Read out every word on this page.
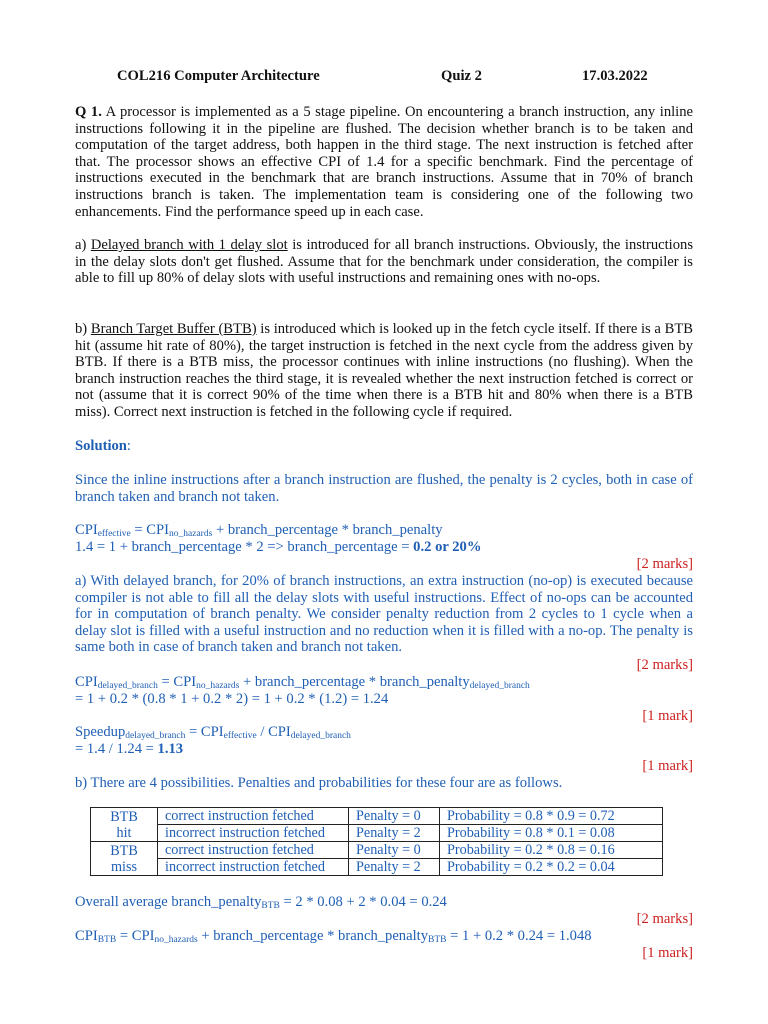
COL216 Computer Architecture	Quiz 2	17.03.2022
Q 1. A processor is implemented as a 5 stage pipeline. On encountering a branch instruction, any inline instructions following it in the pipeline are flushed. The decision whether branch is to be taken and computation of the target address, both happen in the third stage. The next instruction is fetched after that. The processor shows an effective CPI of 1.4 for a specific benchmark. Find the percentage of instructions executed in the benchmark that are branch instructions. Assume that in 70% of branch instructions branch is taken. The implementation team is considering one of the following two enhancements. Find the performance speed up in each case.
a) Delayed branch with 1 delay slot is introduced for all branch instructions. Obviously, the instructions in the delay slots don't get flushed. Assume that for the benchmark under consideration, the compiler is able to fill up 80% of delay slots with useful instructions and remaining ones with no-ops.
b) Branch Target Buffer (BTB) is introduced which is looked up in the fetch cycle itself. If there is a BTB hit (assume hit rate of 80%), the target instruction is fetched in the next cycle from the address given by BTB. If there is a BTB miss, the processor continues with inline instructions (no flushing). When the branch instruction reaches the third stage, it is revealed whether the next instruction fetched is correct or not (assume that it is correct 90% of the time when there is a BTB hit and 80% when there is a BTB miss). Correct next instruction is fetched in the following cycle if required.
Solution:
Since the inline instructions after a branch instruction are flushed, the penalty is 2 cycles, both in case of branch taken and branch not taken.
$CPI_{effective} = CPI_{no\_hazards}$ + branch_percentage * branch_penalty
1.4 = 1 + branch_percentage * 2 => branch_percentage = 0.2 or 20%
[2 marks]
a) With delayed branch, for 20% of branch instructions, an extra instruction (no-op) is executed because compiler is not able to fill all the delay slots with useful instructions. Effect of no-ops can be accounted for in computation of branch penalty. We consider penalty reduction from 2 cycles to 1 cycle when a delay slot is filled with a useful instruction and no reduction when it is filled with a no-op. The penalty is same both in case of branch taken and branch not taken.
[2 marks]
$CPI_{delayed\_branch} = CPI_{no\_hazards}$ + branch_percentage * branch_penalty$_{delayed\_branch}$
= 1 + 0.2 * (0.8 * 1 + 0.2 * 2) = 1 + 0.2 * (1.2) = 1.24
[1 mark]
Speedup$_{delayed\_branch}$ = $CPI_{effective} / CPI_{delayed\_branch}$
= 1.4 / 1.24 = 1.13
[1 mark]
b) There are 4 possibilities. Penalties and probabilities for these four are as follows.
BTB
hit	correct instruction fetched	Penalty = 0	Probability = 0.8 * 0.9 = 0.72
	incorrect instruction fetched	Penalty = 2	Probability = 0.8 * 0.1 = 0.08
BTB
miss	correct instruction fetched	Penalty = 0	Probability = 0.2 * 0.8 = 0.16
	incorrect instruction fetched	Penalty = 2	Probability = 0.2 * 0.2 = 0.04
Overall average branch_penalty$_{BTB}$ = 2 * 0.08 + 2 * 0.04 = 0.24
[2 marks]
$CPI_{BTB} = CPI_{no\_hazards}$ + branch_percentage * branch_penalty$_{BTB}$ = 1 + 0.2 * 0.24 = 1.048
[1 mark]
